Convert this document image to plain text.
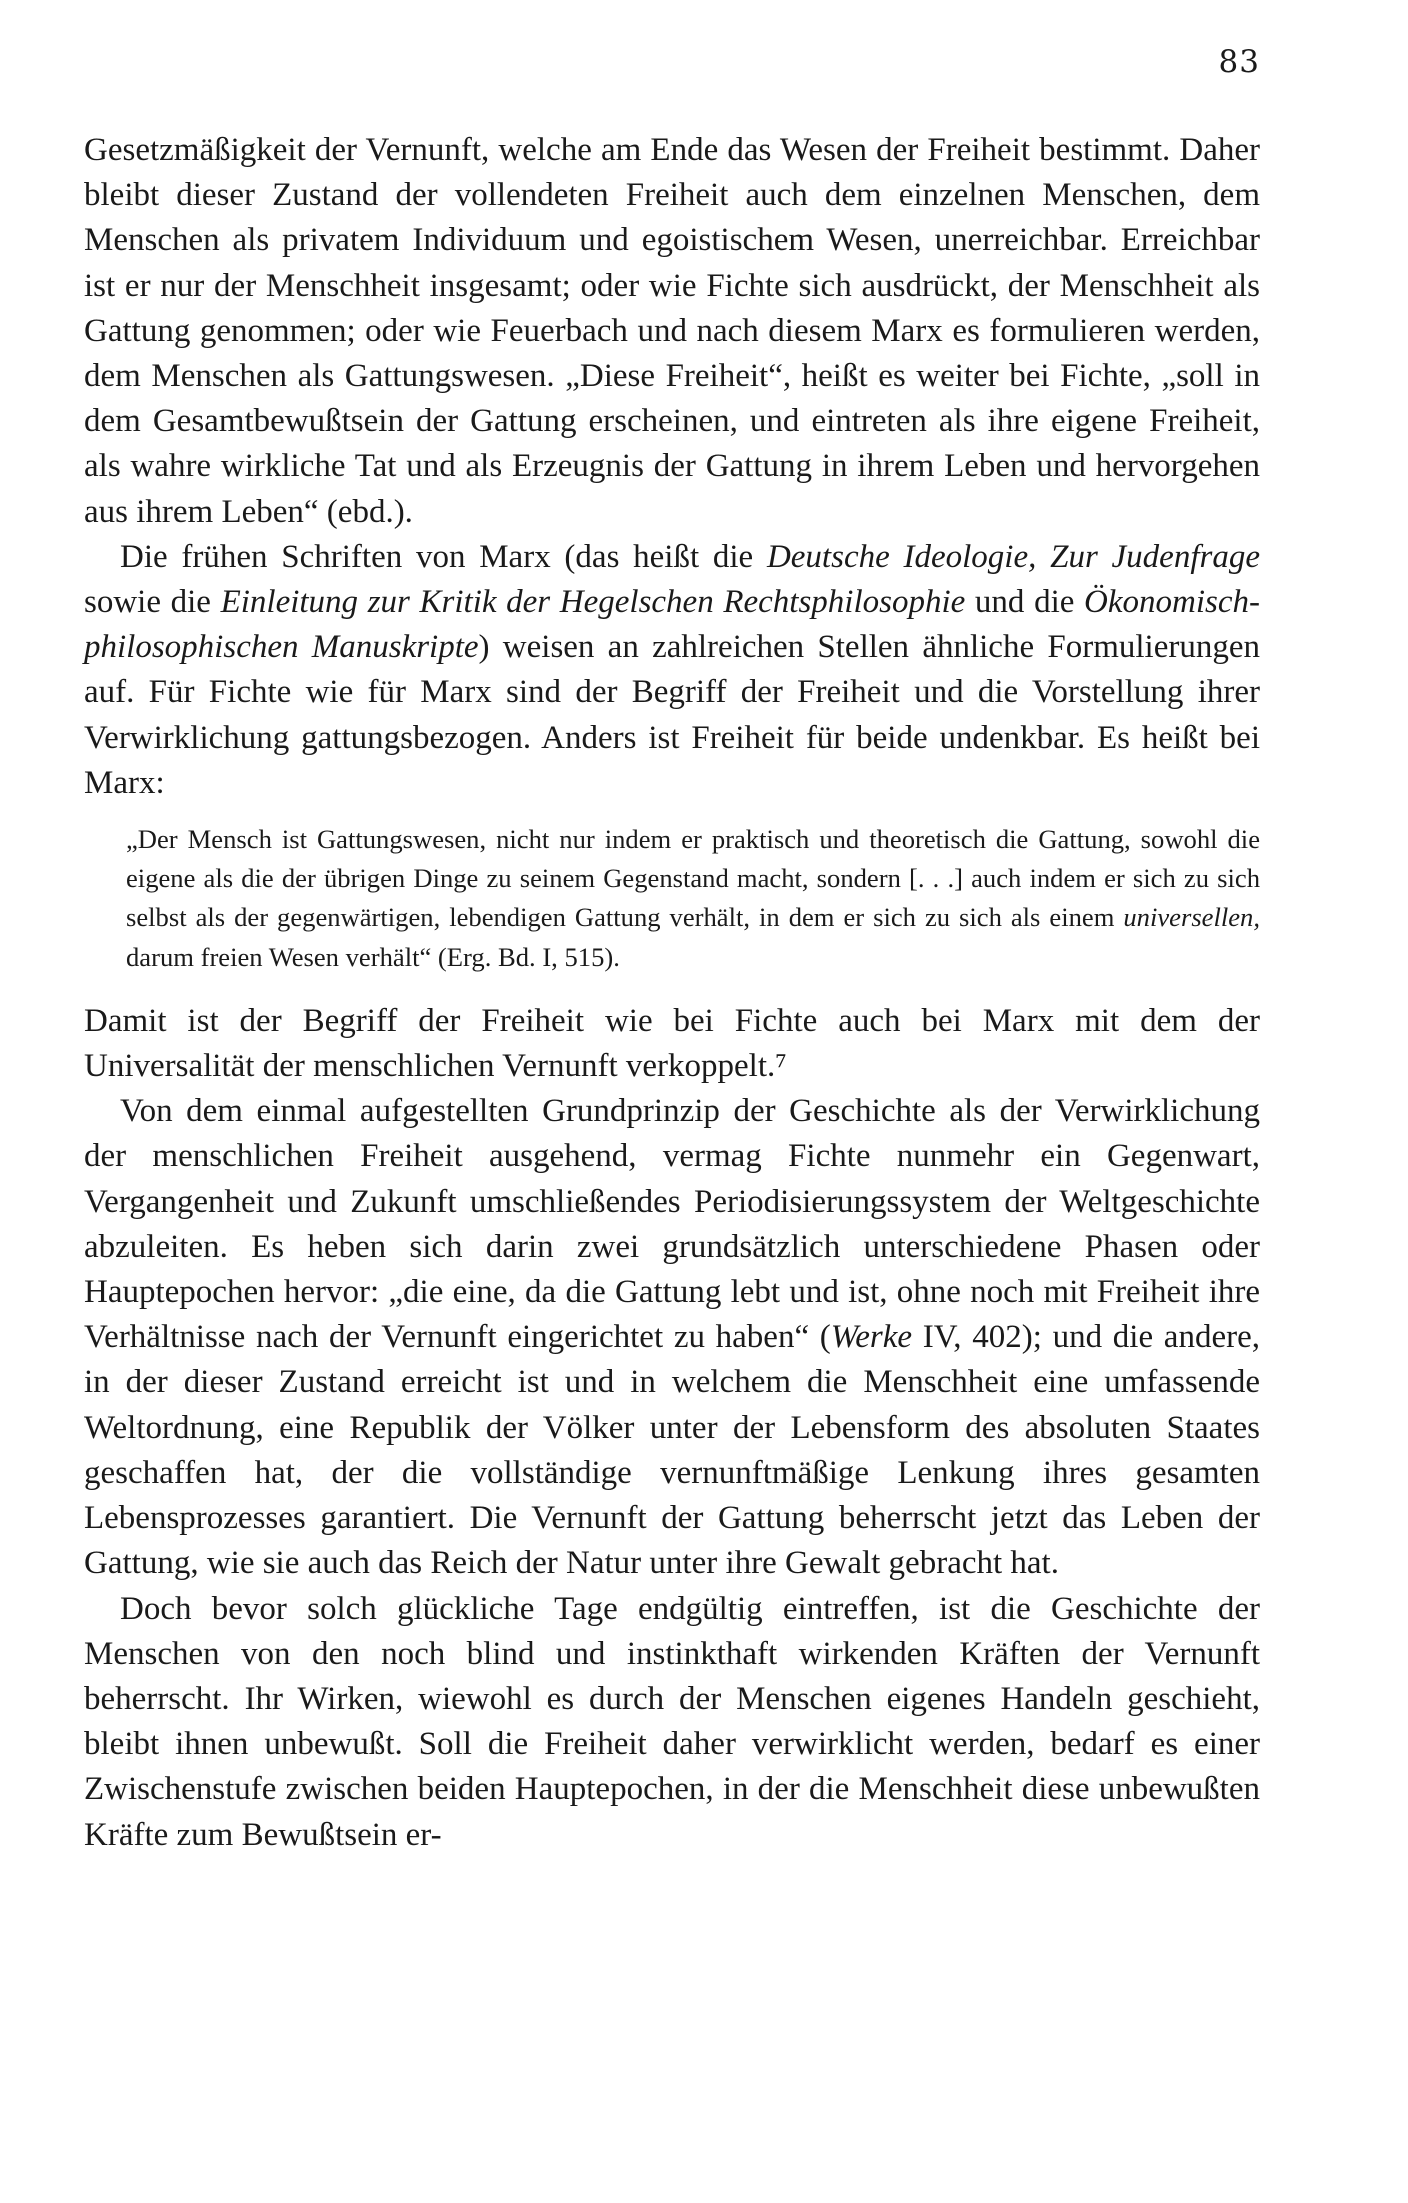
83

Gesetzmäßigkeit der Vernunft, welche am Ende das Wesen der Freiheit bestimmt. Daher bleibt dieser Zustand der vollendeten Freiheit auch dem einzelnen Menschen, dem Menschen als privatem Individuum und egoistischem Wesen, unerreichbar. Erreichbar ist er nur der Menschheit insgesamt; oder wie Fichte sich ausdrückt, der Menschheit als Gattung genommen; oder wie Feuerbach und nach diesem Marx es formulieren werden, dem Menschen als Gattungswesen. „Diese Freiheit“, heißt es weiter bei Fichte, „soll in dem Gesamtbewußtsein der Gattung erscheinen, und eintreten als ihre eigene Freiheit, als wahre wirkliche Tat und als Erzeugnis der Gattung in ihrem Leben und hervorgehen aus ihrem Leben“ (ebd.).

Die frühen Schriften von Marx (das heißt die Deutsche Ideologie, Zur Judenfrage sowie die Einleitung zur Kritik der Hegelschen Rechtsphilosophie und die Ökonomisch-philosophischen Manuskripte) weisen an zahlreichen Stellen ähnliche Formulierungen auf. Für Fichte wie für Marx sind der Begriff der Freiheit und die Vorstellung ihrer Verwirklichung gattungsbezogen. Anders ist Freiheit für beide undenkbar. Es heißt bei Marx:

„Der Mensch ist Gattungswesen, nicht nur indem er praktisch und theoretisch die Gattung, sowohl die eigene als die der übrigen Dinge zu seinem Gegenstand macht, sondern [. . .] auch indem er sich zu sich selbst als der gegenwärtigen, lebendigen Gattung verhält, in dem er sich zu sich als einem universellen, darum freien Wesen verhält“ (Erg. Bd. I, 515).

Damit ist der Begriff der Freiheit wie bei Fichte auch bei Marx mit dem der Universalität der menschlichen Vernunft verkoppelt.⁷

Von dem einmal aufgestellten Grundprinzip der Geschichte als der Verwirklichung der menschlichen Freiheit ausgehend, vermag Fichte nunmehr ein Gegenwart, Vergangenheit und Zukunft umschließendes Periodisierungssystem der Weltgeschichte abzuleiten. Es heben sich darin zwei grundsätzlich unterschiedene Phasen oder Hauptepochen hervor: „die eine, da die Gattung lebt und ist, ohne noch mit Freiheit ihre Verhältnisse nach der Vernunft eingerichtet zu haben“ (Werke IV, 402); und die andere, in der dieser Zustand erreicht ist und in welchem die Menschheit eine umfassende Weltordnung, eine Republik der Völker unter der Lebensform des absoluten Staates geschaffen hat, der die vollständige vernunftmäßige Lenkung ihres gesamten Lebensprozesses garantiert. Die Vernunft der Gattung beherrscht jetzt das Leben der Gattung, wie sie auch das Reich der Natur unter ihre Gewalt gebracht hat.

Doch bevor solch glückliche Tage endgültig eintreffen, ist die Geschichte der Menschen von den noch blind und instinkthaft wirkenden Kräften der Vernunft beherrscht. Ihr Wirken, wiewohl es durch der Menschen eigenes Handeln geschieht, bleibt ihnen unbewußt. Soll die Freiheit daher verwirklicht werden, bedarf es einer Zwischenstufe zwischen beiden Hauptepochen, in der die Menschheit diese unbewußten Kräfte zum Bewußtsein er-
